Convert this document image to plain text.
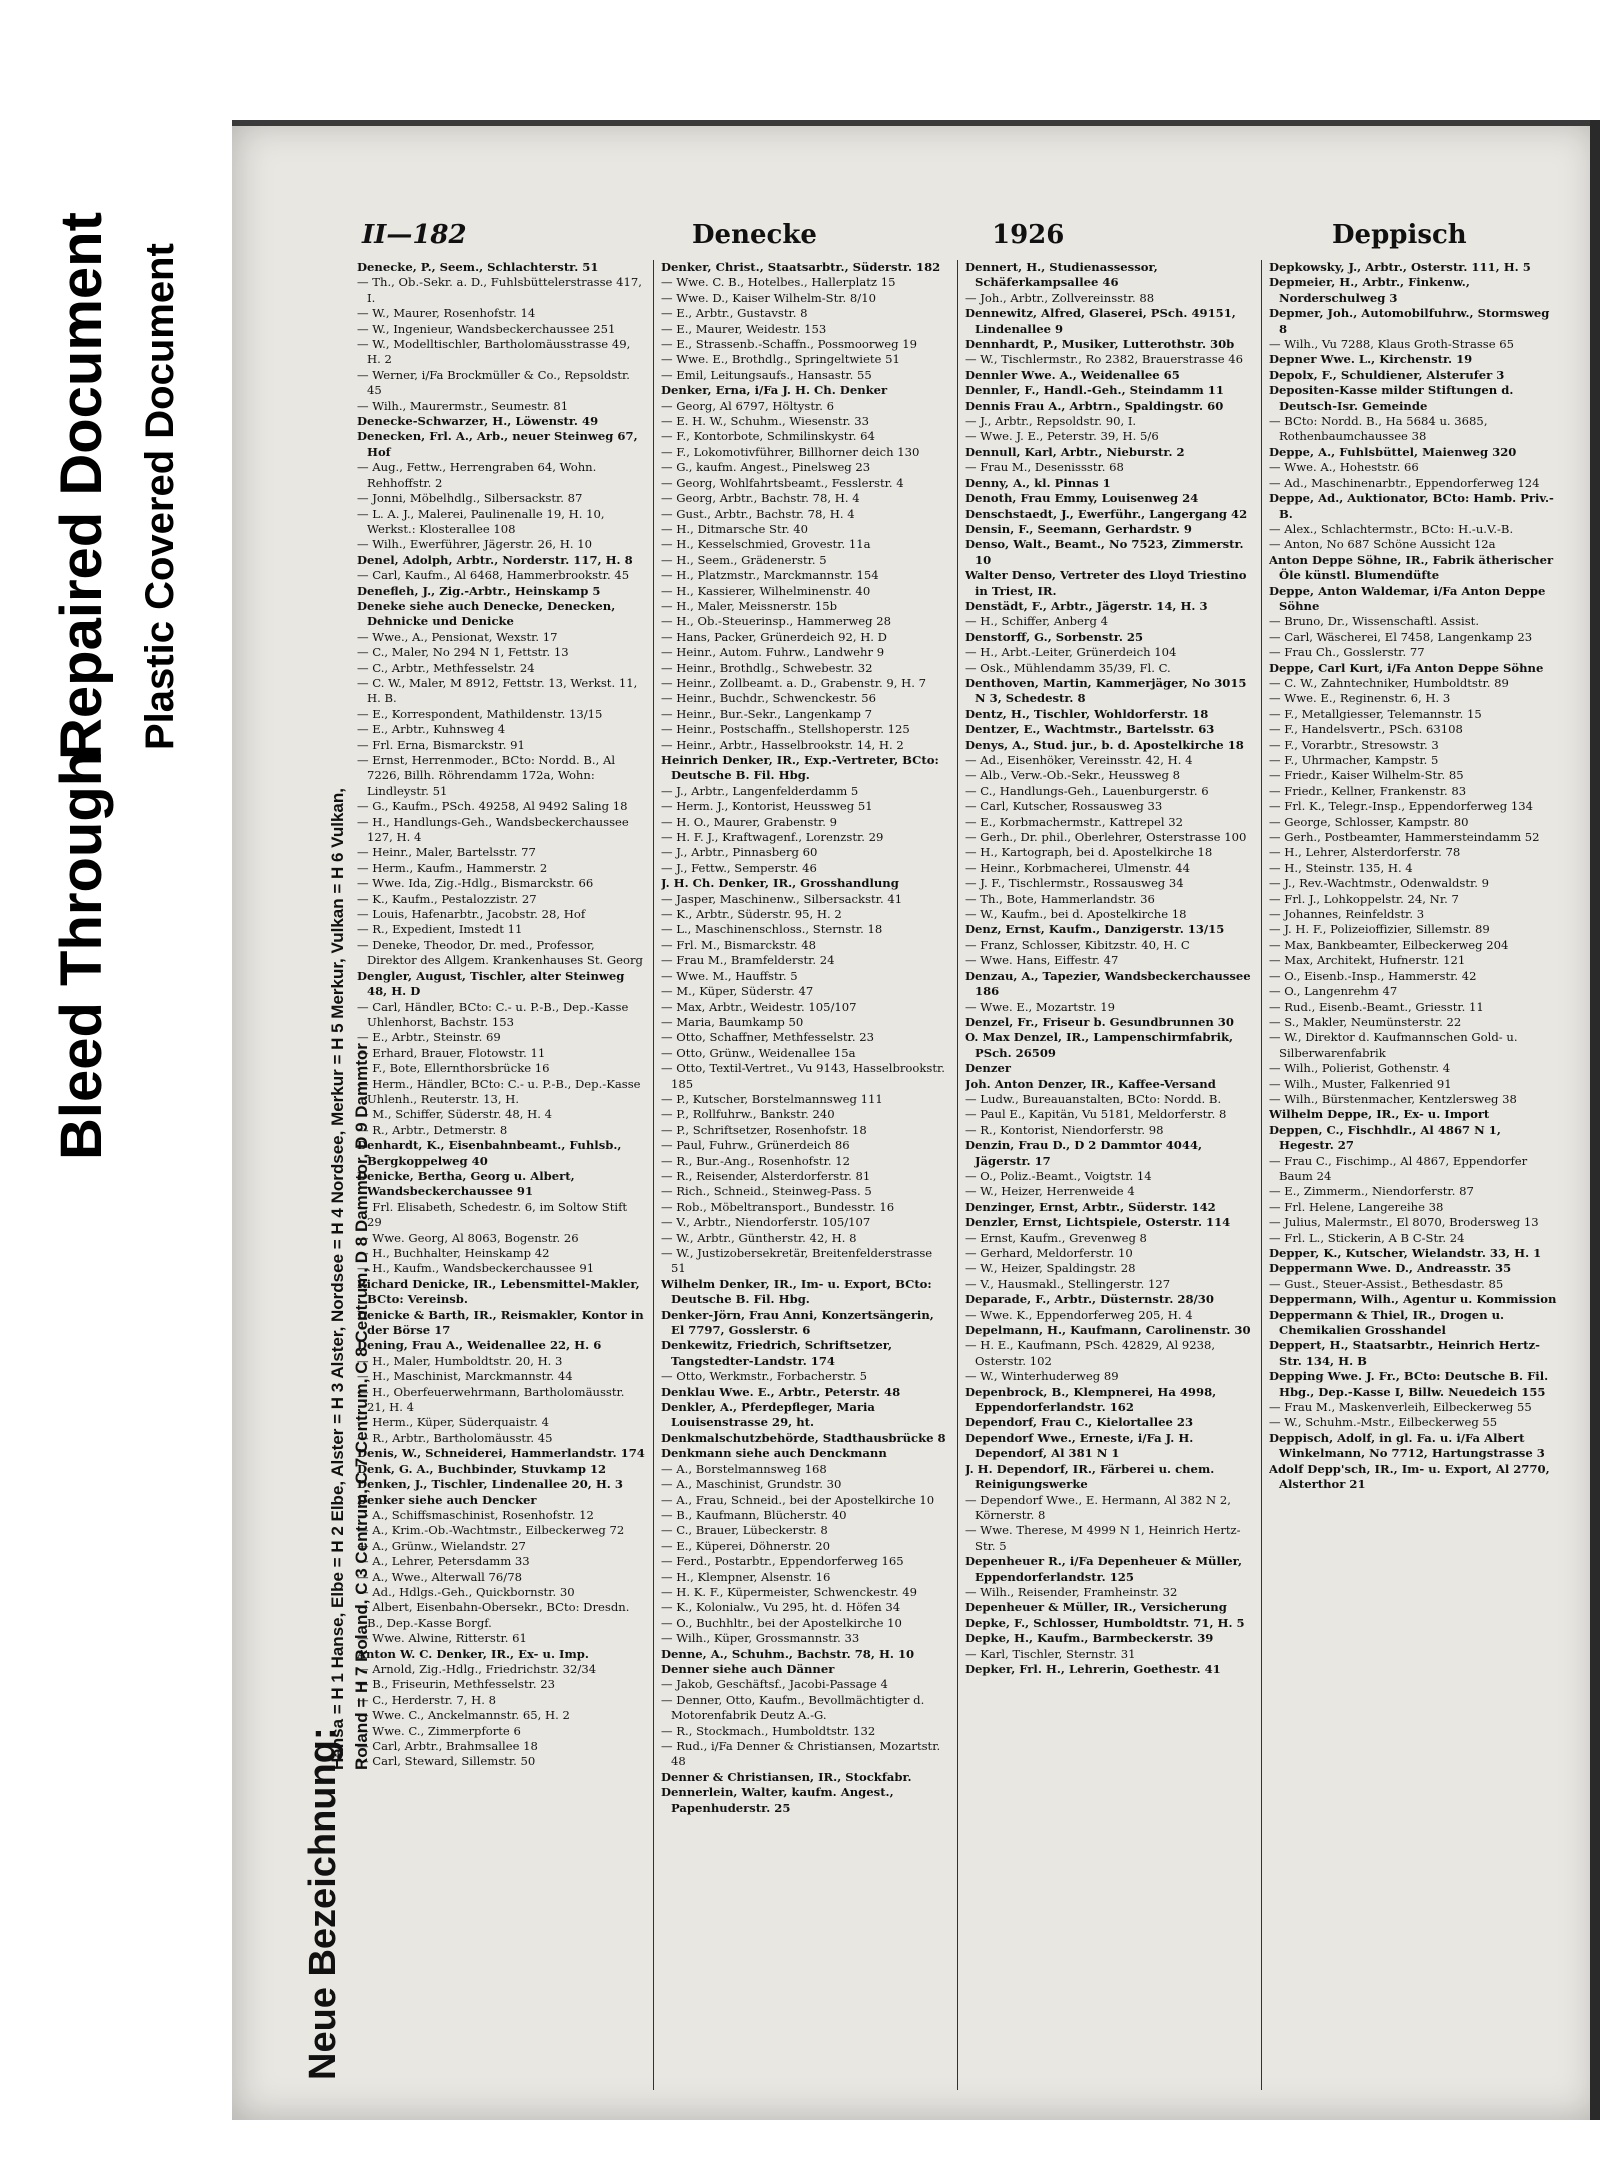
Bleed Through
Repaired Document Plastic Covered Document
II—182	Denecke	1926	Deppisch
Neue Bezeichnung:
Hansa = H 1 Hanse, Elbe = H 2 Elbe, Alster = H 3 Alster, Nordsee = H 4 Nordsee, Merkur = H 5 Merkur, Vulkan = H 6 Vulkan, Roland = H 7 Roland, C 3 Centrum, C 7 Centrum, C 8 Centrum, D 8 Dammtor, D 9 Dammtor

Denecke, P., Seem., Schlachterstr. 51

— Th., Ob.-Sekr. a. D., Fuhlsbüttelerstrasse 417, I.

— W., Maurer, Rosenhofstr. 14

— W., Ingenieur, Wandsbeckerchaussee 251

— W., Modelltischler, Bartholomäusstrasse 49, H. 2

— Werner, i/Fa Brockmüller & Co., Repsoldstr. 45

— Wilh., Maurermstr., Seumestr. 81

Denecke-Schwarzer, H., Löwenstr. 49

Denecken, Frl. A., Arb., neuer Steinweg 67, Hof

— Aug., Fettw., Herrengraben 64, Wohn. Rehhoffstr. 2

— Jonni, Möbelhdlg., Silbersackstr. 87

— L. A. J., Malerei, Paulinenalle 19, H. 10, Werkst.: Klosterallee 108

— Wilh., Ewerführer, Jägerstr. 26, H. 10

Denel, Adolph, Arbtr., Norderstr. 117, H. 8

— Carl, Kaufm., Al 6468, Hammerbrookstr. 45

Denefleh, J., Zig.-Arbtr., Heinskamp 5

Deneke siehe auch Denecke, Denecken, Dehnicke und Denicke

— Wwe., A., Pensionat, Wexstr. 17

— C., Maler, No 294 N 1, Fettstr. 13

— C., Arbtr., Methfesselstr. 24

— C. W., Maler, M 8912, Fettstr. 13, Werkst. 11, H. B.

— E., Korrespondent, Mathildenstr. 13/15

— E., Arbtr., Kuhnsweg 4

— Frl. Erna, Bismarckstr. 91

— Ernst, Herrenmoder., BCto: Nordd. B., Al 7226, Billh. Röhrendamm 172a, Wohn: Lindleystr. 51

— G., Kaufm., PSch. 49258, Al 9492 Saling 18

— H., Handlungs-Geh., Wandsbeckerchaussee 127, H. 4

— Heinr., Maler, Bartelsstr. 77

— Herm., Kaufm., Hammerstr. 2

— Wwe. Ida, Zig.-Hdlg., Bismarckstr. 66

— K., Kaufm., Pestalozzistr. 27

— Louis, Hafenarbtr., Jacobstr. 28, Hof

— R., Expedient, Imstedt 11

— Deneke, Theodor, Dr. med., Professor, Direktor des Allgem. Krankenhauses St. Georg

Dengler, August, Tischler, alter Steinweg 48, H. D

— Carl, Händler, BCto: C.- u. P.-B., Dep.-Kasse Uhlenhorst, Bachstr. 153

— E., Arbtr., Steinstr. 69

— Erhard, Brauer, Flotowstr. 11

— F., Bote, Ellernthorsbrücke 16

— Herm., Händler, BCto: C.- u. P.-B., Dep.-Kasse Uhlenh., Reuterstr. 13, H.

— M., Schiffer, Süderstr. 48, H. 4

— R., Arbtr., Detmerstr. 8

Denhardt, K., Eisenbahnbeamt., Fuhlsb., Bergkoppelweg 40

Denicke, Bertha, Georg u. Albert, Wandsbeckerchaussee 91

— Frl. Elisabeth, Schedestr. 6, im Soltow Stift 29

— Wwe. Georg, Al 8063, Bogenstr. 26

— H., Buchhalter, Heinskamp 42

— H., Kaufm., Wandsbeckerchaussee 91

Richard Denicke, IR., Lebensmittel-Makler, BCto: Vereinsb.

Denicke & Barth, IR., Reismakler, Kontor in der Börse 17

Dening, Frau A., Weidenallee 22, H. 6

— H., Maler, Humboldtstr. 20, H. 3

— H., Maschinist, Marckmannstr. 44

— H., Oberfeuerwehrmann, Bartholomäusstr. 21, H. 4

— Herm., Küper, Süderquaistr. 4

— R., Arbtr., Bartholomäusstr. 45

Denis, W., Schneiderei, Hammerlandstr. 174

Denk, G. A., Buchbinder, Stuvkamp 12

Denken, J., Tischler, Lindenallee 20, H. 3

Denker siehe auch Dencker

— A., Schiffsmaschinist, Rosenhofstr. 12

— A., Krim.-Ob.-Wachtmstr., Eilbeckerweg 72

— A., Grünw., Wielandstr. 27

— A., Lehrer, Petersdamm 33

— A., Wwe., Alterwall 76/78

— Ad., Hdlgs.-Geh., Quickbornstr. 30

— Albert, Eisenbahn-Obersekr., BCto: Dresdn. B., Dep.-Kasse Borgf.

— Wwe. Alwine, Ritterstr. 61

Anton W. C. Denker, IR., Ex- u. Imp.

— Arnold, Zig.-Hdlg., Friedrichstr. 32/34

— B., Friseurin, Methfesselstr. 23

— C., Herderstr. 7, H. 8

— Wwe. C., Anckelmannstr. 65, H. 2

— Wwe. C., Zimmerpforte 6

— Carl, Arbtr., Brahmsallee 18

— Carl, Steward, Sillemstr. 50

Denker, Christ., Staatsarbtr., Süderstr. 182

— Wwe. C. B., Hotelbes., Hallerplatz 15

— Wwe. D., Kaiser Wilhelm-Str. 8/10

— E., Arbtr., Gustavstr. 8

— E., Maurer, Weidestr. 153

— E., Strassenb.-Schaffn., Possmoorweg 19

— Wwe. E., Brothdlg., Springeltwiete 51

— Emil, Leitungsaufs., Hansastr. 55

Denker, Erna, i/Fa J. H. Ch. Denker

— Georg, Al 6797, Höltystr. 6

— E. H. W., Schuhm., Wiesenstr. 33

— F., Kontorbote, Schmilinskystr. 64

— F., Lokomotivführer, Billhorner deich 130

— G., kaufm. Angest., Pinelsweg 23

— Georg, Wohlfahrtsbeamt., Fesslerstr. 4

— Georg, Arbtr., Bachstr. 78, H. 4

— Gust., Arbtr., Bachstr. 78, H. 4

— H., Ditmarsche Str. 40

— H., Kesselschmied, Grovestr. 11a

— H., Seem., Grädenerstr. 5

— H., Platzmstr., Marckmannstr. 154

— H., Kassierer, Wilhelminenstr. 40

— H., Maler, Meissnerstr. 15b

— H., Ob.-Steuerinsp., Hammerweg 28

— Hans, Packer, Grünerdeich 92, H. D

— Heinr., Autom. Fuhrw., Landwehr 9

— Heinr., Brothdlg., Schwebestr. 32

— Heinr., Zollbeamt. a. D., Grabenstr. 9, H. 7

— Heinr., Buchdr., Schwenckestr. 56

— Heinr., Bur.-Sekr., Langenkamp 7

— Heinr., Postschaffn., Stellshoperstr. 125

— Heinr., Arbtr., Hasselbrookstr. 14, H. 2

Heinrich Denker, IR., Exp.-Vertreter, BCto: Deutsche B. Fil. Hbg.

— J., Arbtr., Langenfelderdamm 5

— Herm. J., Kontorist, Heussweg 51

— H. O., Maurer, Grabenstr. 9

— H. F. J., Kraftwagenf., Lorenzstr. 29

— J., Arbtr., Pinnasberg 60

— J., Fettw., Semperstr. 46

J. H. Ch. Denker, IR., Grosshandlung

— Jasper, Maschinenw., Silbersackstr. 41

— K., Arbtr., Süderstr. 95, H. 2

— L., Maschinenschloss., Sternstr. 18

— Frl. M., Bismarckstr. 48

— Frau M., Bramfelderstr. 24

— Wwe. M., Hauffstr. 5

— M., Küper, Süderstr. 47

— Max, Arbtr., Weidestr. 105/107

— Maria, Baumkamp 50

— Otto, Schaffner, Methfesselstr. 23

— Otto, Grünw., Weidenallee 15a

— Otto, Textil-Vertret., Vu 9143, Hasselbrookstr. 185

— P., Kutscher, Borstelmannsweg 111

— P., Rollfuhrw., Bankstr. 240

— P., Schriftsetzer, Rosenhofstr. 18

— Paul, Fuhrw., Grünerdeich 86

— R., Bur.-Ang., Rosenhofstr. 12

— R., Reisender, Alsterdorferstr. 81

— Rich., Schneid., Steinweg-Pass. 5

— Rob., Möbeltransport., Bundesstr. 16

— V., Arbtr., Niendorferstr. 105/107

— W., Arbtr., Güntherstr. 42, H. 8

— W., Justizobersekretär, Breitenfelderstrasse 51

Wilhelm Denker, IR., Im- u. Export, BCto: Deutsche B. Fil. Hbg.

Denker-Jörn, Frau Anni, Konzertsängerin, El 7797, Gosslerstr. 6

Denkewitz, Friedrich, Schriftsetzer, Tangstedter-Landstr. 174

— Otto, Werkmstr., Forbacherstr. 5

Denklau Wwe. E., Arbtr., Peterstr. 48

Denkler, A., Pferdepfleger, Maria Louisenstrasse 29, ht.

Denkmalschutzbehörde, Stadthausbrücke 8

Denkmann siehe auch Denckmann

— A., Borstelmannsweg 168

— A., Maschinist, Grundstr. 30

— A., Frau, Schneid., bei der Apostelkirche 10

— B., Kaufmann, Blücherstr. 40

— C., Brauer, Lübeckerstr. 8

— E., Küperei, Döhnerstr. 20

— Ferd., Postarbtr., Eppendorferweg 165

— H., Klempner, Alsenstr. 16

— H. K. F., Küpermeister, Schwenckestr. 49

— K., Kolonialw., Vu 295, ht. d. Höfen 34

— O., Buchhltr., bei der Apostelkirche 10

— Wilh., Küper, Grossmannstr. 33

Denne, A., Schuhm., Bachstr. 78, H. 10

Denner siehe auch Dänner

— Jakob, Geschäftsf., Jacobi-Passage 4

— Denner, Otto, Kaufm., Bevollmächtigter d. Motorenfabrik Deutz A.-G.

— R., Stockmach., Humboldtstr. 132

— Rud., i/Fa Denner & Christiansen, Mozartstr. 48

Denner & Christiansen, IR., Stockfabr.

Dennerlein, Walter, kaufm. Angest., Papenhuderstr. 25

Dennert, H., Studienassessor, Schäferkampsallee 46

— Joh., Arbtr., Zollvereinsstr. 88

Dennewitz, Alfred, Glaserei, PSch. 49151, Lindenallee 9

Dennhardt, P., Musiker, Lutterothstr. 30b

— W., Tischlermstr., Ro 2382, Brauerstrasse 46

Dennler Wwe. A., Weidenallee 65

Dennler, F., Handl.-Geh., Steindamm 11

Dennis Frau A., Arbtrn., Spaldingstr. 60

— J., Arbtr., Repsoldstr. 90, I.

— Wwe. J. E., Peterstr. 39, H. 5/6

Dennull, Karl, Arbtr., Nieburstr. 2

— Frau M., Desenissstr. 68

Denny, A., kl. Pinnas 1

Denoth, Frau Emmy, Louisenweg 24

Denschstaedt, J., Ewerführ., Langergang 42

Densin, F., Seemann, Gerhardstr. 9

Denso, Walt., Beamt., No 7523, Zimmerstr. 10

Walter Denso, Vertreter des Lloyd Triestino in Triest, IR.

Denstädt, F., Arbtr., Jägerstr. 14, H. 3

— H., Schiffer, Anberg 4

Denstorff, G., Sorbenstr. 25

— H., Arbt.-Leiter, Grünerdeich 104

— Osk., Mühlendamm 35/39, Fl. C.

Denthoven, Martin, Kammerjäger, No 3015 N 3, Schedestr. 8

Dentz, H., Tischler, Wohldorferstr. 18

Dentzer, E., Wachtmstr., Bartelsstr. 63

Denys, A., Stud. jur., b. d. Apostelkirche 18

— Ad., Eisenhöker, Vereinsstr. 42, H. 4

— Alb., Verw.-Ob.-Sekr., Heussweg 8

— C., Handlungs-Geh., Lauenburgerstr. 6

— Carl, Kutscher, Rossausweg 33

— E., Korbmachermstr., Kattrepel 32

— Gerh., Dr. phil., Oberlehrer, Osterstrasse 100

— H., Kartograph, bei d. Apostelkirche 18

— Heinr., Korbmacherei, Ulmenstr. 44

— J. F., Tischlermstr., Rossausweg 34

— Th., Bote, Hammerlandstr. 36

— W., Kaufm., bei d. Apostelkirche 18

Denz, Ernst, Kaufm., Danzigerstr. 13/15

— Franz, Schlosser, Kibitzstr. 40, H. C

— Wwe. Hans, Eiffestr. 47

Denzau, A., Tapezier, Wandsbeckerchaussee 186

— Wwe. E., Mozartstr. 19

Denzel, Fr., Friseur b. Gesundbrunnen 30

O. Max Denzel, IR., Lampenschirmfabrik, PSch. 26509

Denzer

Joh. Anton Denzer, IR., Kaffee-Versand

— Ludw., Bureauanstalten, BCto: Nordd. B.

— Paul E., Kapitän, Vu 5181, Meldorferstr. 8

— R., Kontorist, Niendorferstr. 98

Denzin, Frau D., D 2 Dammtor 4044, Jägerstr. 17

— O., Poliz.-Beamt., Voigtstr. 14

— W., Heizer, Herrenweide 4

Denzinger, Ernst, Arbtr., Süderstr. 142

Denzler, Ernst, Lichtspiele, Osterstr. 114

— Ernst, Kaufm., Grevenweg 8

— Gerhard, Meldorferstr. 10

— W., Heizer, Spaldingstr. 28

— V., Hausmakl., Stellingerstr. 127

Deparade, F., Arbtr., Düsternstr. 28/30

— Wwe. K., Eppendorferweg 205, H. 4

Depelmann, H., Kaufmann, Carolinenstr. 30

— H. E., Kaufmann, PSch. 42829, Al 9238, Osterstr. 102

— W., Winterhuderweg 89

Depenbrock, B., Klempnerei, Ha 4998, Eppendorferlandstr. 162

Dependorf, Frau C., Kielortallee 23

Dependorf Wwe., Erneste, i/Fa J. H. Dependorf, Al 381 N 1

J. H. Dependorf, IR., Färberei u. chem. Reinigungswerke

— Dependorf Wwe., E. Hermann, Al 382 N 2, Körnerstr. 8

— Wwe. Therese, M 4999 N 1, Heinrich Hertz-Str. 5

Depenheuer R., i/Fa Depenheuer & Müller, Eppendorferlandstr. 125

— Wilh., Reisender, Framheinstr. 32

Depenheuer & Müller, IR., Versicherung

Depke, F., Schlosser, Humboldtstr. 71, H. 5

Depke, H., Kaufm., Barmbeckerstr. 39

— Karl, Tischler, Sternstr. 31

Depker, Frl. H., Lehrerin, Goethestr. 41

Depkowsky, J., Arbtr., Osterstr. 111, H. 5

Depmeier, H., Arbtr., Finkenw., Norderschulweg 3

Depmer, Joh., Automobilfuhrw., Stormsweg 8

— Wilh., Vu 7288, Klaus Groth-Strasse 65

Depner Wwe. L., Kirchenstr. 19

Depolx, F., Schuldiener, Alsterufer 3

Depositen-Kasse milder Stiftungen d. Deutsch-Isr. Gemeinde

— BCto: Nordd. B., Ha 5684 u. 3685, Rothenbaumchaussee 38

Deppe, A., Fuhlsbüttel, Maienweg 320

— Wwe. A., Hoheststr. 66

— Ad., Maschinenarbtr., Eppendorferweg 124

Deppe, Ad., Auktionator, BCto: Hamb. Priv.-B.

— Alex., Schlachtermstr., BCto: H.-u.V.-B.

— Anton, No 687 Schöne Aussicht 12a

Anton Deppe Söhne, IR., Fabrik ätherischer Öle künstl. Blumendüfte

Deppe, Anton Waldemar, i/Fa Anton Deppe Söhne

— Bruno, Dr., Wissenschaftl. Assist.

— Carl, Wäscherei, El 7458, Langenkamp 23

— Frau Ch., Gosslerstr. 77

Deppe, Carl Kurt, i/Fa Anton Deppe Söhne

— C. W., Zahntechniker, Humboldtstr. 89

— Wwe. E., Reginenstr. 6, H. 3

— F., Metallgiesser, Telemannstr. 15

— F., Handelsvertr., PSch. 63108

— F., Vorarbtr., Stresowstr. 3

— F., Uhrmacher, Kampstr. 5

— Friedr., Kaiser Wilhelm-Str. 85

— Friedr., Kellner, Frankenstr. 83

— Frl. K., Telegr.-Insp., Eppendorferweg 134

— George, Schlosser, Kampstr. 80

— Gerh., Postbeamter, Hammersteindamm 52

— H., Lehrer, Alsterdorferstr. 78

— H., Steinstr. 135, H. 4

— J., Rev.-Wachtmstr., Odenwaldstr. 9

— Frl. J., Lohkoppelstr. 24, Nr. 7

— Johannes, Reinfeldstr. 3

— J. H. F., Polizeioffizier, Sillemstr. 89

— Max, Bankbeamter, Eilbeckerweg 204

— Max, Architekt, Hufnerstr. 121

— O., Eisenb.-Insp., Hammerstr. 42

— O., Langenrehm 47

— Rud., Eisenb.-Beamt., Griesstr. 11

— S., Makler, Neumünsterstr. 22

— W., Direktor d. Kaufmannschen Gold- u. Silberwarenfabrik

— Wilh., Polierist, Gothenstr. 4

— Wilh., Muster, Falkenried 91

— Wilh., Bürstenmacher, Kentzlersweg 38

Wilhelm Deppe, IR., Ex- u. Import

Deppen, C., Fischhdlr., Al 4867 N 1, Hegestr. 27

— Frau C., Fischimp., Al 4867, Eppendorfer Baum 24

— E., Zimmerm., Niendorferstr. 87

— Frl. Helene, Langereihe 38

— Julius, Malermstr., El 8070, Brodersweg 13

— Frl. L., Stickerin, A B C-Str. 24

Depper, K., Kutscher, Wielandstr. 33, H. 1

Deppermann Wwe. D., Andreasstr. 35

— Gust., Steuer-Assist., Bethesdastr. 85

Deppermann, Wilh., Agentur u. Kommission

Deppermann & Thiel, IR., Drogen u. Chemikalien Grosshandel

Deppert, H., Staatsarbtr., Heinrich Hertz-Str. 134, H. B

Depping Wwe. J. Fr., BCto: Deutsche B. Fil. Hbg., Dep.-Kasse I, Billw. Neuedeich 155

— Frau M., Maskenverleih, Eilbeckerweg 55

— W., Schuhm.-Mstr., Eilbeckerweg 55

Deppisch, Adolf, in gl. Fa. u. i/Fa Albert Winkelmann, No 7712, Hartungstrasse 3

Adolf Depp'sch, IR., Im- u. Export, Al 2770, Alsterthor 21
